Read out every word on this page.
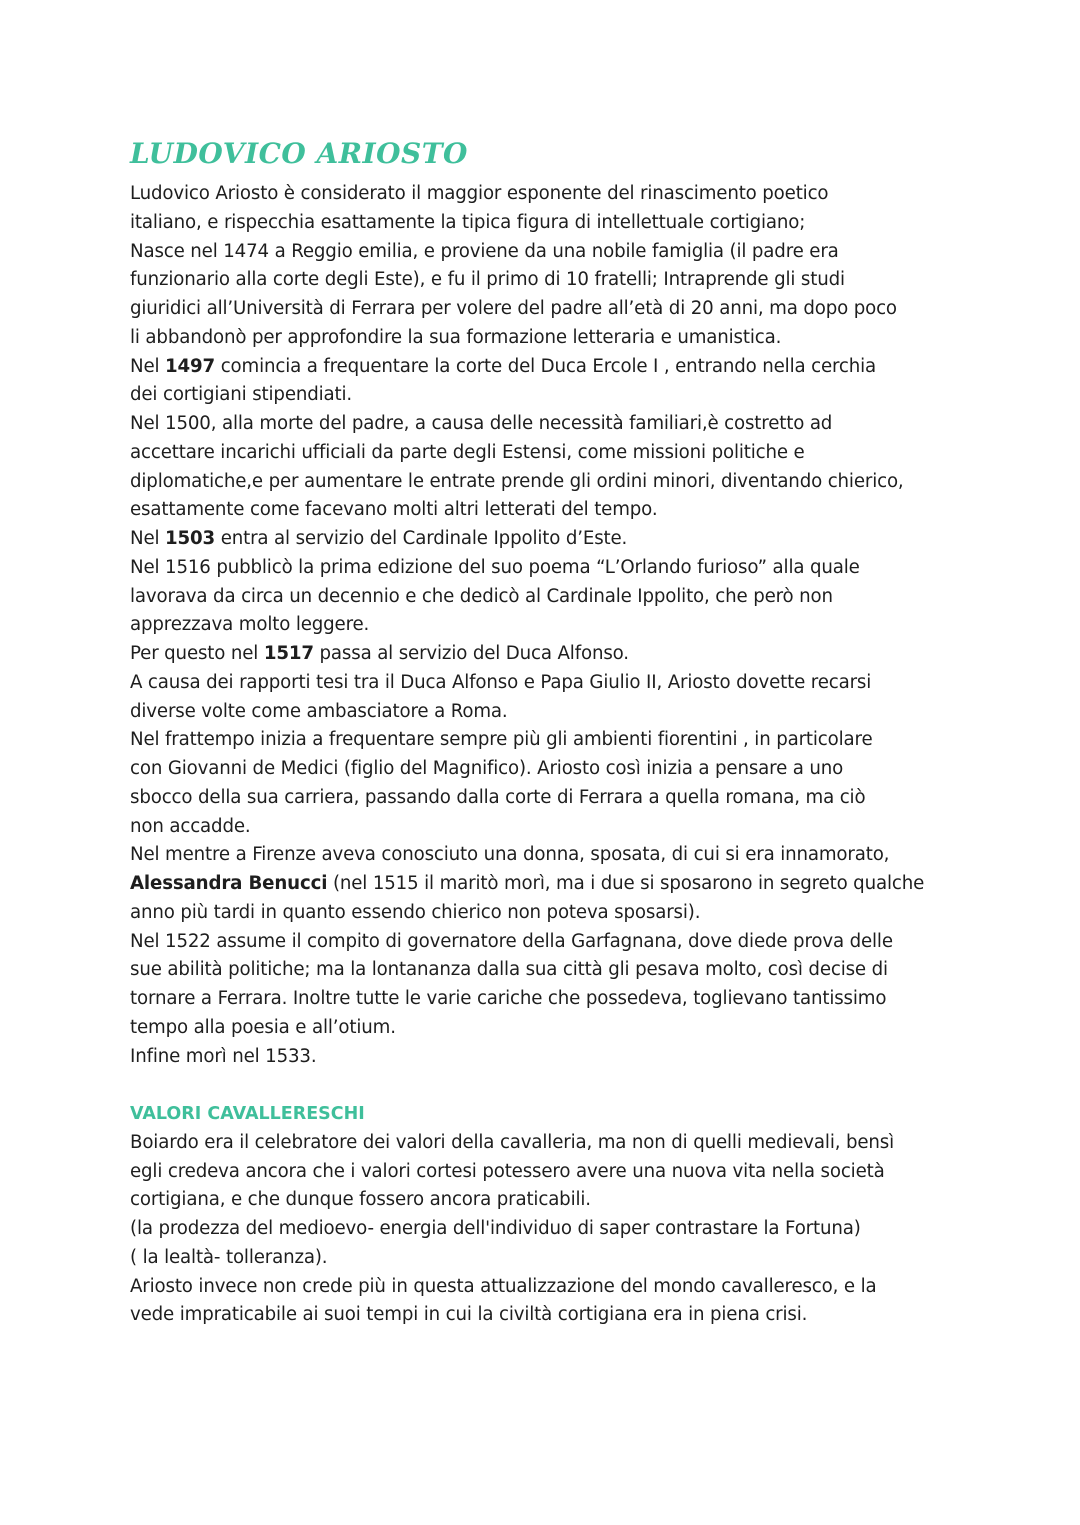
LUDOVICO ARIOSTO
Ludovico Ariosto è considerato il maggior esponente del rinascimento poetico
italiano, e rispecchia esattamente la tipica figura di intellettuale cortigiano;
Nasce nel 1474 a Reggio emilia, e proviene da una nobile famiglia (il padre era
funzionario alla corte degli Este), e fu il primo di 10 fratelli; Intraprende gli studi
giuridici all’Università di Ferrara per volere del padre all’età di 20 anni, ma dopo poco
li abbandonò per approfondire la sua formazione letteraria e umanistica.
Nel 1497 comincia a frequentare la corte del Duca Ercole I , entrando nella cerchia
dei cortigiani stipendiati.
Nel 1500, alla morte del padre, a causa delle necessità familiari,è costretto ad
accettare incarichi ufficiali da parte degli Estensi, come missioni politiche e
diplomatiche,e per aumentare le entrate prende gli ordini minori, diventando chierico,
esattamente come facevano molti altri letterati del tempo.
Nel 1503 entra al servizio del Cardinale Ippolito d’Este.
Nel 1516 pubblicò la prima edizione del suo poema “L’Orlando furioso” alla quale
lavorava da circa un decennio e che dedicò al Cardinale Ippolito, che però non
apprezzava molto leggere.
Per questo nel 1517 passa al servizio del Duca Alfonso.
A causa dei rapporti tesi tra il Duca Alfonso e Papa Giulio II, Ariosto dovette recarsi
diverse volte come ambasciatore a Roma.
Nel frattempo inizia a frequentare sempre più gli ambienti fiorentini , in particolare
con Giovanni de Medici (figlio del Magnifico). Ariosto così inizia a pensare a uno
sbocco della sua carriera, passando dalla corte di Ferrara a quella romana, ma ciò
non accadde.
Nel mentre a Firenze aveva conosciuto una donna, sposata, di cui si era innamorato,
Alessandra Benucci (nel 1515 il maritò morì, ma i due si sposarono in segreto qualche
anno più tardi in quanto essendo chierico non poteva sposarsi).
Nel 1522 assume il compito di governatore della Garfagnana, dove diede prova delle
sue abilità politiche; ma la lontananza dalla sua città gli pesava molto, così decise di
tornare a Ferrara. Inoltre tutte le varie cariche che possedeva, toglievano tantissimo
tempo alla poesia e all’otium.
Infine morì nel 1533.
VALORI CAVALLERESCHI
Boiardo era il celebratore dei valori della cavalleria, ma non di quelli medievali, bensì
egli credeva ancora che i valori cortesi potessero avere una nuova vita nella società
cortigiana, e che dunque fossero ancora praticabili.
(la prodezza del medioevo- energia dell'individuo di saper contrastare la Fortuna)
( la lealtà- tolleranza).
Ariosto invece non crede più in questa attualizzazione del mondo cavalleresco, e la
vede impraticabile ai suoi tempi in cui la civiltà cortigiana era in piena crisi.
